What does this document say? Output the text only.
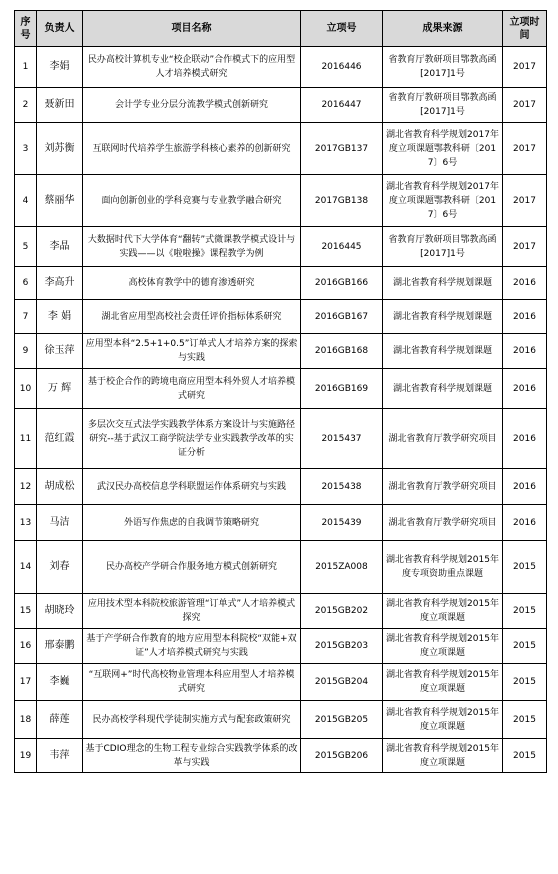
序号	负责人	项目名称	立项号	成果来源	立项时间
1	李娟	民办高校计算机专业“校企联动”合作模式下的应用型人才培养模式研究	2016446	省教育厅教研项目鄂教高函[2017]1号	2017
2	聂新田	会计学专业分层分流教学模式创新研究	2016447	省教育厅教研项目鄂教高函[2017]1号	2017
3	刘苏衡	互联网时代培养学生旅游学科核心素养的创新研究	2017GB137	湖北省教育科学规划2017年度立项课题鄂教科研〔2017〕6号	2017
4	蔡丽华	面向创新创业的学科竞赛与专业教学融合研究	2017GB138	湖北省教育科学规划2017年度立项课题鄂教科研〔2017〕6号	2017
5	李晶	大数据时代下大学体育“翻转”式微课教学模式设计与实践——以《啦啦操》课程教学为例	2016445	省教育厅教研项目鄂教高函[2017]1号	2017
6	李高升	高校体育教学中的德育渗透研究	2016GB166	湖北省教育科学规划课题	2016
7	李 娟	湖北省应用型高校社会责任评价指标体系研究	2016GB167	湖北省教育科学规划课题	2016
9	徐玉萍	应用型本科“2.5+1+0.5”订单式人才培养方案的探索与实践	2016GB168	湖北省教育科学规划课题	2016
10	万 辉	基于校企合作的跨境电商应用型本科外贸人才培养模式研究	2016GB169	湖北省教育科学规划课题	2016
11	范红霞	多层次交互式法学实践教学体系方案设计与实施路径研究--基于武汉工商学院法学专业实践教学改革的实证分析	2015437	湖北省教育厅教学研究项目	2016
12	胡成松	武汉民办高校信息学科联盟运作体系研究与实践	2015438	湖北省教育厅教学研究项目	2016
13	马洁	外语写作焦虑的自我调节策略研究	2015439	湖北省教育厅教学研究项目	2016
14	刘春	民办高校产学研合作服务地方模式创新研究	2015ZA008	湖北省教育科学规划2015年度专项资助重点课题	2015
15	胡晓玲	应用技术型本科院校旅游管理“订单式”人才培养模式探究	2015GB202	湖北省教育科学规划2015年度立项课题	2015
16	邢泰鹏	基于产学研合作教育的地方应用型本科院校“双能+双证”人才培养模式研究与实践	2015GB203	湖北省教育科学规划2015年度立项课题	2015
17	李巍	“互联网+”时代高校物业管理本科应用型人才培养模式研究	2015GB204	湖北省教育科学规划2015年度立项课题	2015
18	薛莲	民办高校学科现代学徒制实施方式与配套政策研究	2015GB205	湖北省教育科学规划2015年度立项课题	2015
19	韦萍	基于CDIO理念的生物工程专业综合实践教学体系的改革与实践	2015GB206	湖北省教育科学规划2015年度立项课题	2015
